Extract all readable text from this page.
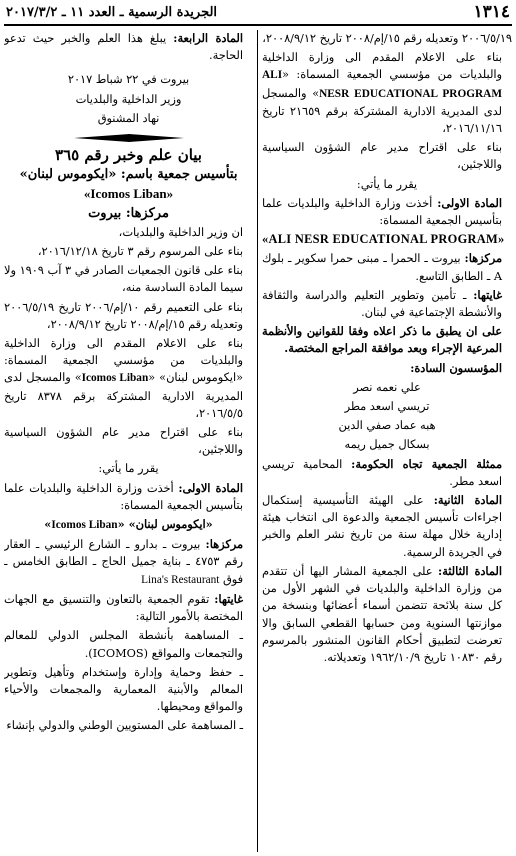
١٣١٤
الجريدة الرسمية ـ العدد ١١ ـ ٢٠١٧/٣/٢

٢٠٠٦/٥/١٩ وتعديله رقم ١٥/إم/٢٠٠٨ تاريخ ٢٠٠٨/٩/١٢،

بناء على الاعلام المقدم الى وزارة الداخلية والبلديات من مؤسسي الجمعية المسماة: «ALI NESR EDUCATIONAL PROGRAM» والمسجل لدى المديرية الادارية المشتركة برقم ٢١٦٥٩ تاريخ ٢٠١٦/١١/١٦،

بناء على اقتراح مدير عام الشؤون السياسية واللاجئين،

يقرر ما يأتي:

المادة الاولى: أخذت وزارة الداخلية والبلديات علما بتأسيس الجمعية المسماة:

«ALI NESR EDUCATIONAL PROGRAM»

مركزها: بيروت ـ الحمرا ـ مبنى حمرا سكوير ـ بلوك A ـ الطابق التاسع.

غايتها: ـ تأمين وتطوير التعليم والدراسة والثقافة والأنشطة الإجتماعية في لبنان.

على ان يطبق ما ذكر اعلاه وفقا للقوانين والأنظمة المرعية الإجراء وبعد موافقة المراجع المختصة.

المؤسسون السادة:

علي نعمه نصر

تريسي اسعد مطر

هبه عماد صفي الدين

بسكال جميل ريمه

ممثلة الجمعية تجاه الحكومة: المحامية تريسي اسعد مطر.

المادة الثانية: على الهيئة التأسيسية إستكمال اجراءات تأسيس الجمعية والدعوة الى انتخاب هيئة إدارية خلال مهلة سنة من تاريخ نشر العلم والخبر في الجريدة الرسمية.

المادة الثالثة: على الجمعية المشار اليها أن تتقدم من وزارة الداخلية والبلديات في الشهر الأول من كل سنة بلائحة تتضمن أسماء أعضائها وبنسخة من موازنتها السنوية ومن حسابها القطعي السابق والا تعرضت لتطبيق أحكام القانون المنشور بالمرسوم رقم ١٠٨٣٠ تاريخ ١٩٦٢/١٠/٩ وتعديلاته.

المادة الرابعة: يبلغ هذا العلم والخبر حيث تدعو الحاجة.

بيروت في ٢٢ شباط ٢٠١٧

وزير الداخلية والبلديات

نهاد المشنوق

بيان علم وخبر رقم ٣٦٥

بتأسيس جمعية باسم: «ايكوموس لبنان»

«Icomos Liban»

مركزها: بيروت

ان وزير الداخلية والبلديات،

بناء على المرسوم رقم ٣ تاريخ ٢٠١٦/١٢/١٨،

بناء على قانون الجمعيات الصادر في ٣ آب ١٩٠٩ ولا سيما المادة السادسة منه،

بناء على التعميم رقم ١٠/إم/٢٠٠٦ تاريخ ٢٠٠٦/٥/١٩ وتعديله رقم ١٥/إم/٢٠٠٨ تاريخ ٢٠٠٨/٩/١٢،

بناء على الاعلام المقدم الى وزارة الداخلية والبلديات من مؤسسي الجمعية المسماة: «ايكوموس لبنان» «Icomos Liban» والمسجل لدى المديرية الادارية المشتركة برقم ٨٣٧٨ تاريخ ٢٠١٦/٥/٥،

بناء على اقتراح مدير عام الشؤون السياسية واللاجئين،

يقرر ما يأتي:

المادة الاولى: أخذت وزارة الداخلية والبلديات علما بتأسيس الجمعية المسماة:

«ايكوموس لبنان» «Icomos Liban»

مركزها: بيروت ـ بدارو ـ الشارع الرئيسي ـ العقار رقم ٤٧٥٣ ـ بناية جميل الحاج ـ الطابق الخامس ـ فوق Lina's Restaurant

غايتها: تقوم الجمعية بالتعاون والتنسيق مع الجهات المختصة بالأمور التالية:

ـ المساهمة بأنشطة المجلس الدولي للمعالم والتجمعات والمواقع (ICOMOS).

ـ حفظ وحماية وإدارة وإستخدام وتأهيل وتطوير المعالم والأبنية المعمارية والمجمعات والأحياء والمواقع ومحيطها.

ـ المساهمة على المستويين الوطني والدولي بإنشاء
